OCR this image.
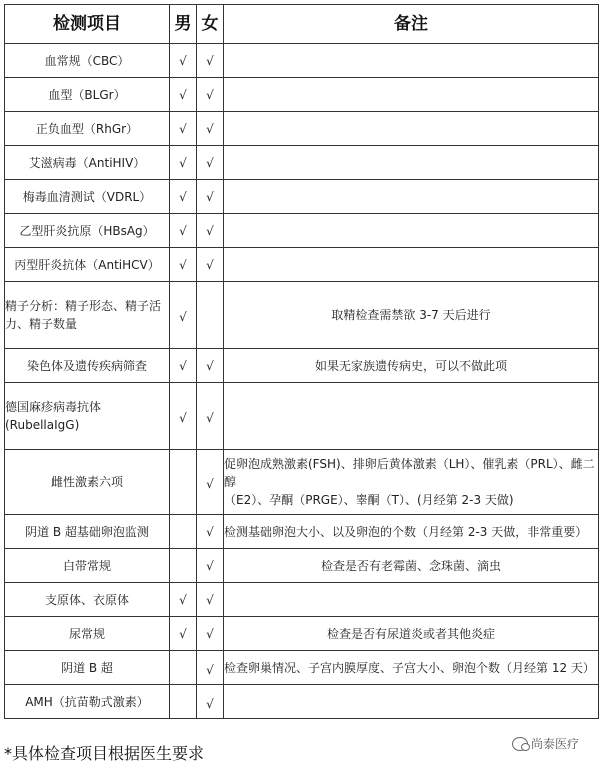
检测项目	男	女	备注
血常规（CBC）	√	√	
血型（BLGr）	√	√	
正负血型（RhGr）	√	√	
艾滋病毒（AntiHIV）	√	√	
梅毒血清测试（VDRL）	√	√	
乙型肝炎抗原（HBsAg）	√	√	
丙型肝炎抗体（AntiHCV）	√	√	

精子分析：精子形态、精子活
力、精子数量	√		取精检查需禁欲 3-7 天后进行
染色体及遗传疾病筛查	√	√	如果无家族遗传病史，可以不做此项

德国麻疹病毒抗体
(RubellaIgG)	√	√	

雌性激素六项		√	促卵泡成熟激素(FSH)、排卵后黄体激素（LH）、催乳素（PRL）、雌二醇
（E2）、孕酮（PRGE）、睾酮（T）、(月经第 2-3 天做)

阴道 B 超基础卵泡监测		√	检测基础卵泡大小、以及卵泡的个数（月经第 2-3 天做，非常重要）
白带常规		√	检查是否有老霉菌、念珠菌、滴虫
支原体、衣原体	√	√	
尿常规	√	√	检查是否有尿道炎或者其他炎症
阴道 B 超		√	检查卵巢情况、子宫内膜厚度、子宫大小、卵泡个数（月经第 12 天）
AMH（抗苗勒式激素）		√	

*具体检查项目根据医生要求	尚泰医疗
